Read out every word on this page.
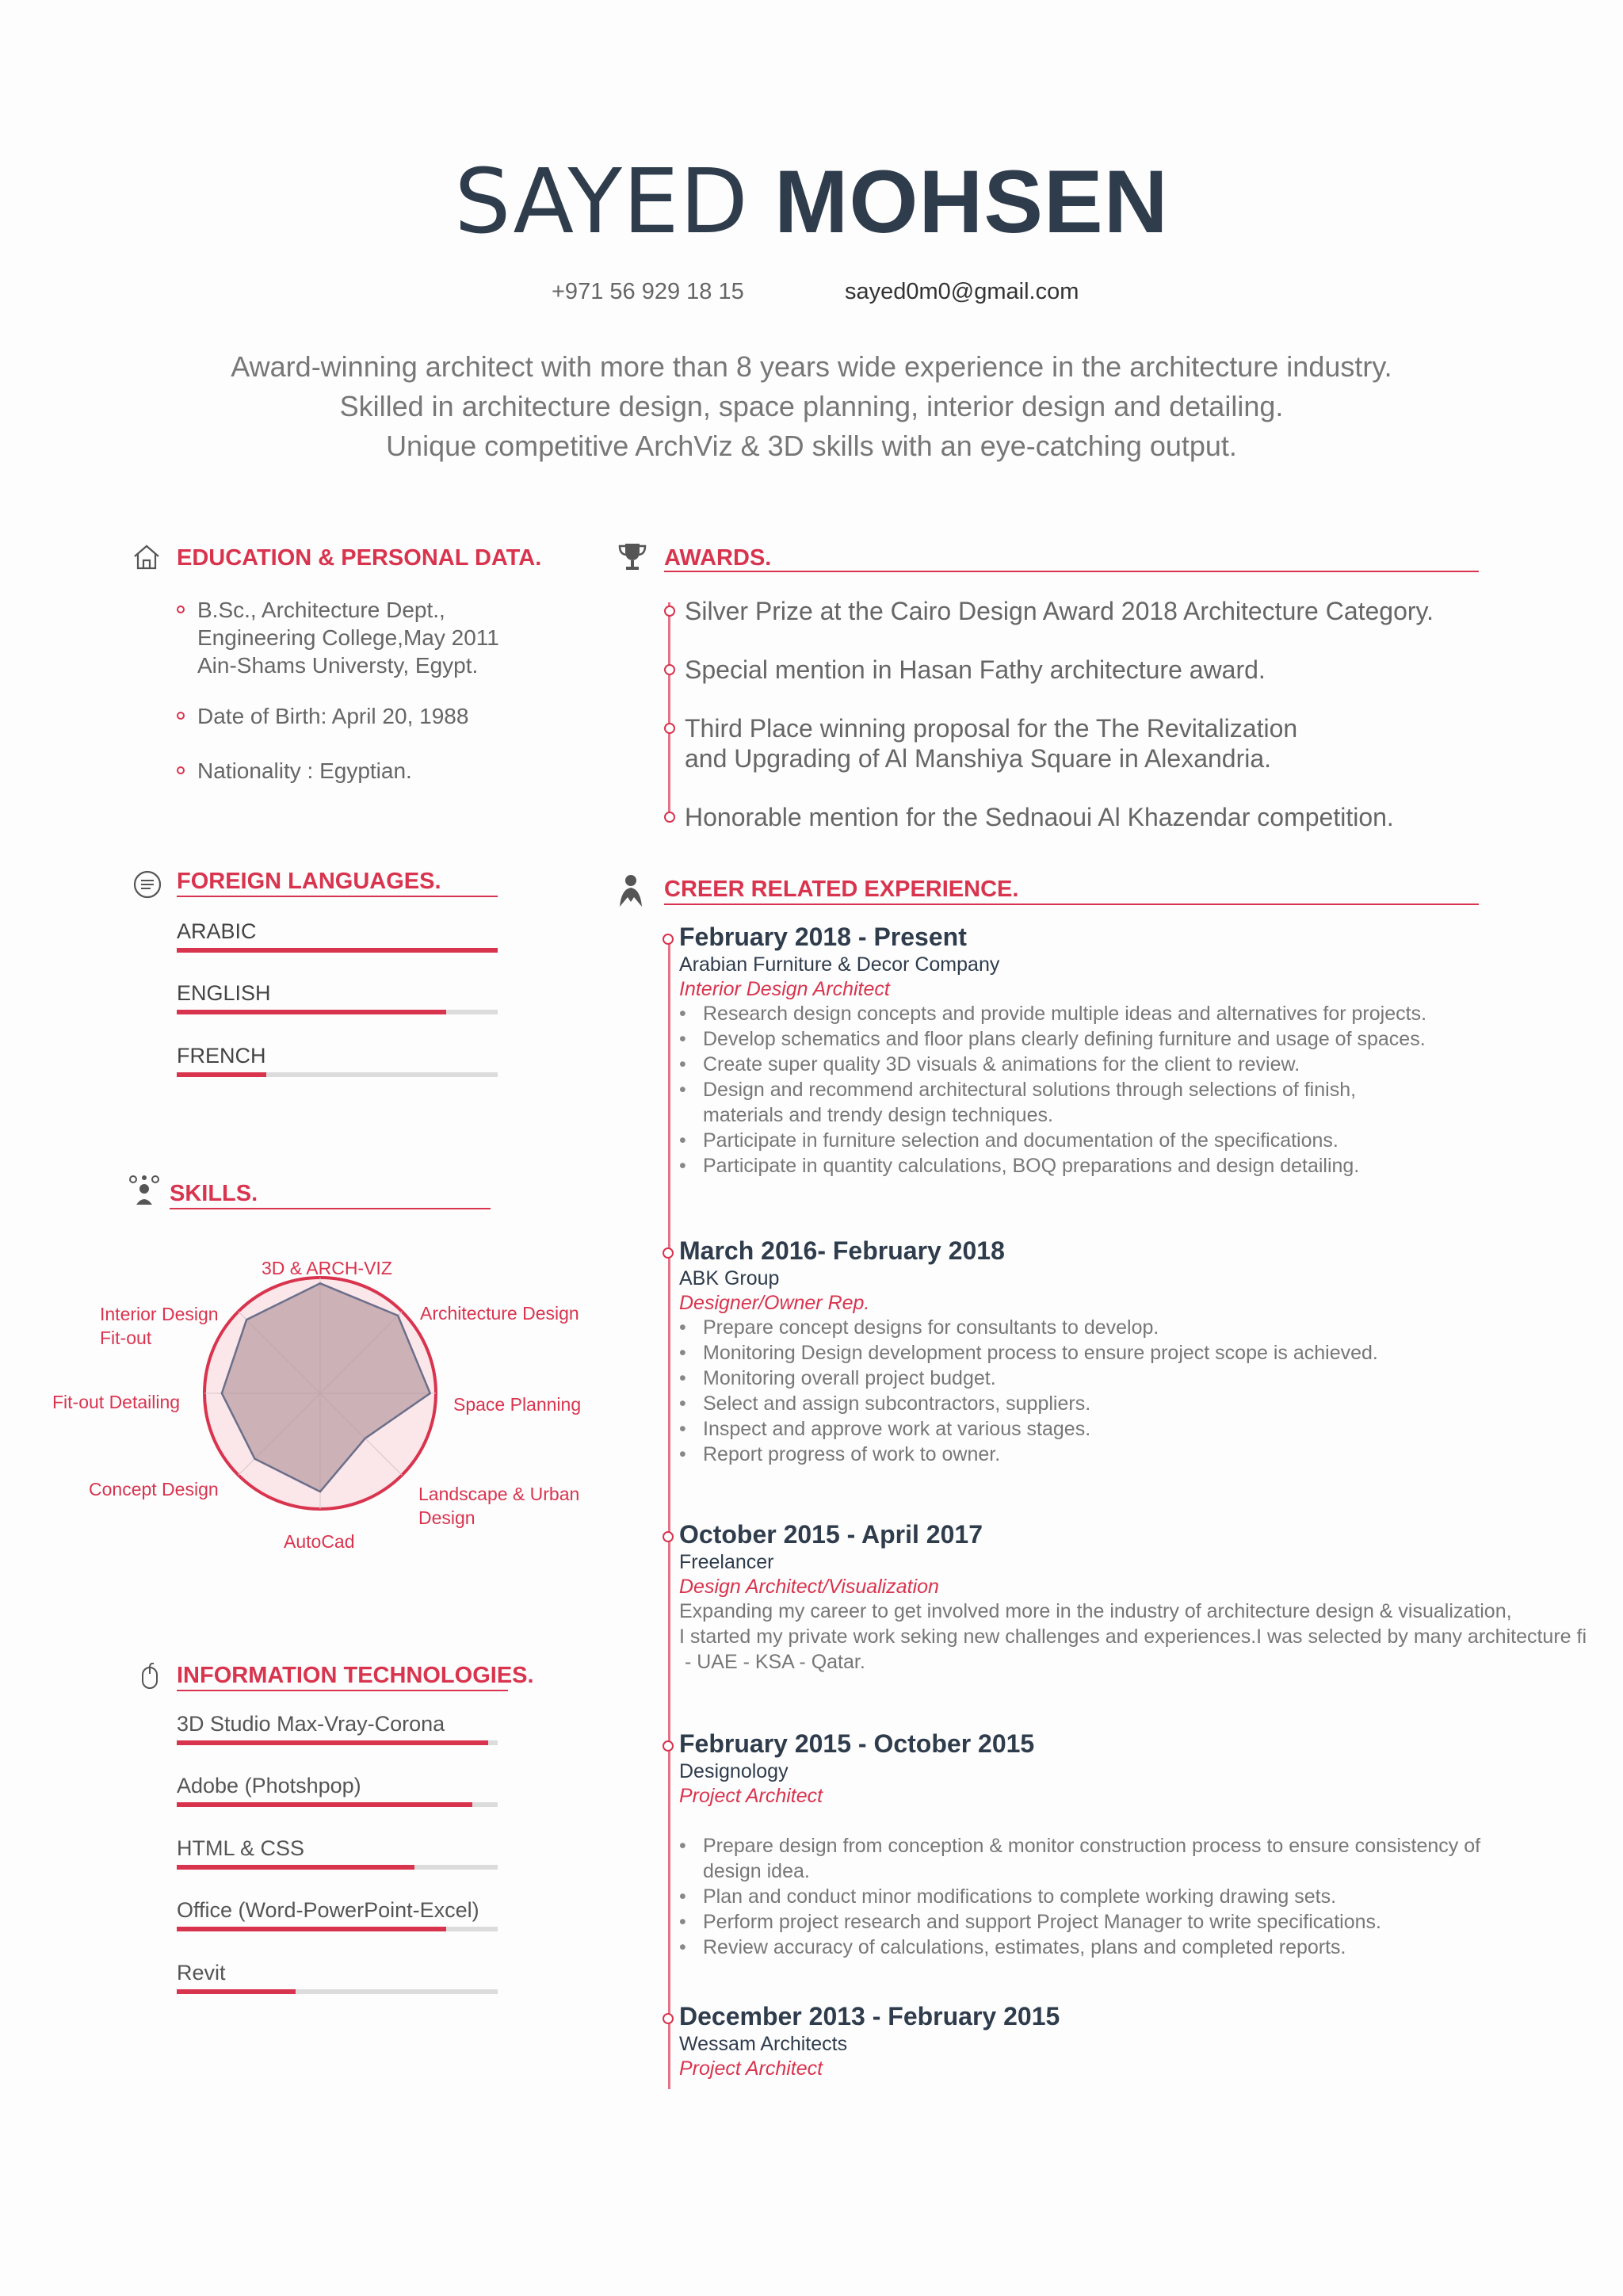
SAYED MOHSEN
+971 56 929 18 15	sayed0m0@gmail.com
Award-winning architect with more than 8 years wide experience in the architecture industry.
Skilled in architecture design, space planning, interior design and detailing.
Unique competitive ArchViz & 3D skills with an eye-catching output.
EDUCATION & PERSONAL DATA.
B.Sc., Architecture Dept.,
Engineering College,May 2011
Ain-Shams Universty, Egypt.
Date of Birth: April 20, 1988
Nationality : Egyptian.
FOREIGN LANGUAGES.
ARABIC
ENGLISH
FRENCH
SKILLS.
3D & ARCH-VIZ
Architecture Design
Space Planning
Landscape & Urban Design
AutoCad
Concept Design
Fit-out Detailing
Interior Design Fit-out
INFORMATION TECHNOLOGIES.
3D Studio Max-Vray-Corona
Adobe (Photshpop)
HTML & CSS
Office (Word-PowerPoint-Excel)
Revit
AWARDS.
Silver Prize at the Cairo Design Award 2018 Architecture Category.
Special mention in Hasan Fathy architecture award.
Third Place winning proposal for the The Revitalization
and Upgrading of Al Manshiya Square in Alexandria.
Honorable mention for the Sednaoui Al Khazendar competition.
CREER RELATED EXPERIENCE.
February 2018 - Present
Arabian Furniture & Decor Company
Interior Design Architect
• Research design concepts and provide multiple ideas and alternatives for projects.
• Develop schematics and floor plans clearly defining furniture and usage of spaces.
• Create super quality 3D visuals & animations for the client to review.
• Design and recommend architectural solutions through selections of finish, materials and trendy design techniques.
• Participate in furniture selection and documentation of the specifications.
• Participate in quantity calculations, BOQ preparations and design detailing.
March 2016- February 2018
ABK Group
Designer/Owner Rep.
• Prepare concept designs for consultants to develop.
• Monitoring Design development process to ensure project scope is achieved.
• Monitoring overall project budget.
• Select and assign subcontractors, suppliers.
• Inspect and approve work at various stages.
• Report progress of work to owner.
October 2015 - April 2017
Freelancer
Design Architect/Visualization
Expanding my career to get involved more in the industry of architecture design & visualization,
I started my private work seking new challenges and experiences.I was selected by many architecture fi
- UAE - KSA - Qatar.
February 2015 - October 2015
Designology
Project Architect
• Prepare design from conception & monitor construction process to ensure consistency of design idea.
• Plan and conduct minor modifications to complete working drawing sets.
• Perform project research and support Project Manager to write specifications.
• Review accuracy of calculations, estimates, plans and completed reports.
December 2013 - February 2015
Wessam Architects
Project Architect
